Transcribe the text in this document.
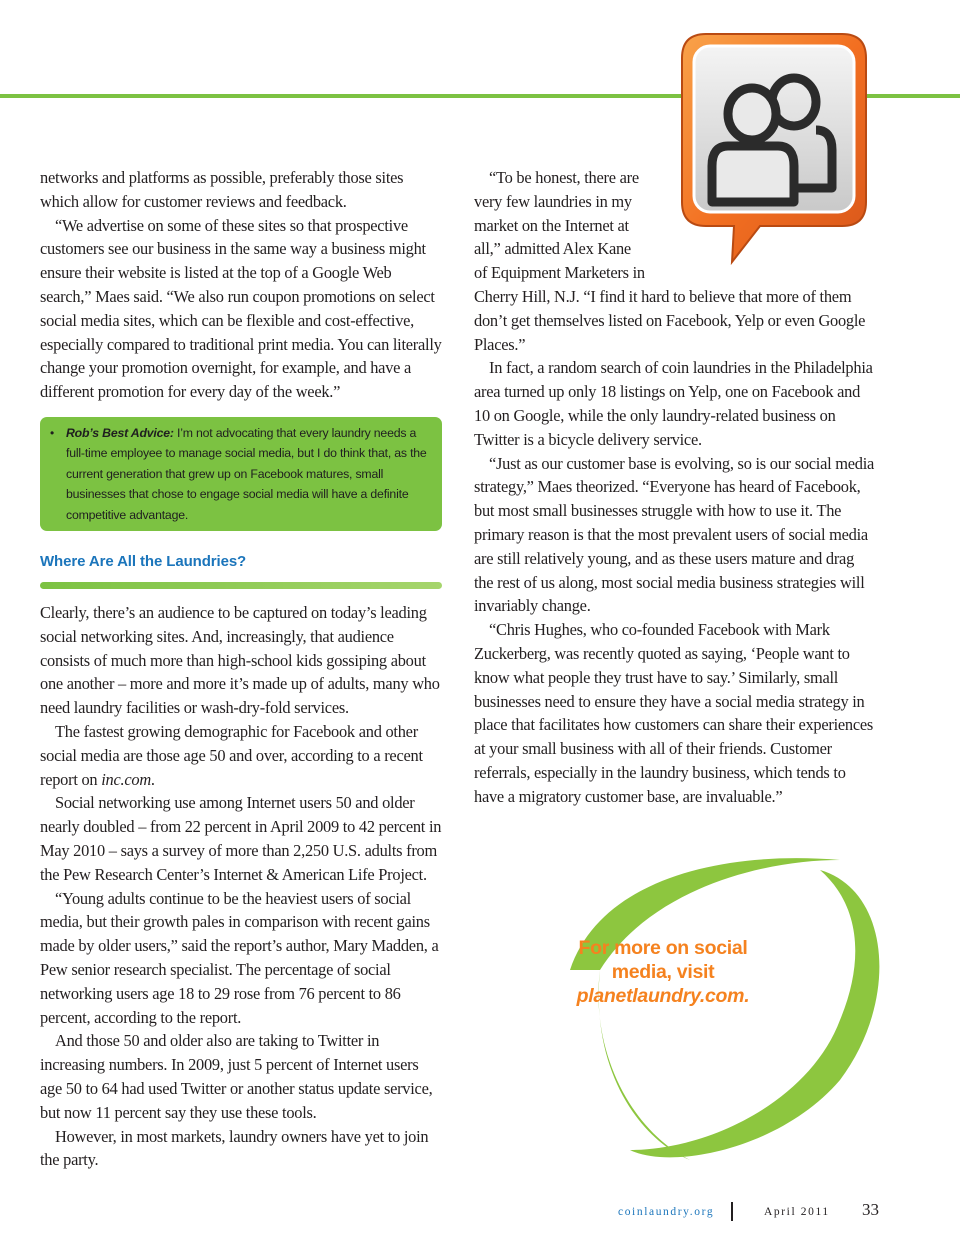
networks and platforms as possible, preferably those sites which allow for customer reviews and feedback.

“We advertise on some of these sites so that prospective customers see our business in the same way a business might ensure their website is listed at the top of a Google Web search,” Maes said. “We also run coupon promotions on select social media sites, which can be flexible and cost-effective, especially compared to traditional print media. You can literally change your promotion overnight, for example, and have a different promotion for every day of the week.”

• Rob’s Best Advice: I’m not advocating that every laundry needs a full-time employee to manage social media, but I do think that, as the current generation that grew up on Facebook matures, small businesses that chose to engage social media will have a definite competitive advantage.

Where Are All the Laundries?

Clearly, there’s an audience to be captured on today’s leading social networking sites. And, increasingly, that audience consists of much more than high-school kids gossiping about one another – more and more it’s made up of adults, many who need laundry facilities or wash-dry-fold services.

The fastest growing demographic for Facebook and other social media are those age 50 and over, according to a recent report on inc.com.

Social networking use among Internet users 50 and older nearly doubled – from 22 percent in April 2009 to 42 percent in May 2010 – says a survey of more than 2,250 U.S. adults from the Pew Research Center’s Internet & American Life Project.

“Young adults continue to be the heaviest users of social media, but their growth pales in comparison with recent gains made by older users,” said the report’s author, Mary Madden, a Pew senior research specialist. The percentage of social networking users age 18 to 29 rose from 76 percent to 86 percent, according to the report.

And those 50 and older also are taking to Twitter in increasing numbers. In 2009, just 5 percent of Internet users age 50 to 64 had used Twitter or another status update service, but now 11 percent say they use these tools.

However, in most markets, laundry owners have yet to join the party.

“To be honest, there are very few laundries in my market on the Internet at all,” admitted Alex Kane of Equipment Marketers in Cherry Hill, N.J. “I find it hard to believe that more of them don’t get themselves listed on Facebook, Yelp or even Google Places.”

In fact, a random search of coin laundries in the Philadelphia area turned up only 18 listings on Yelp, one on Facebook and 10 on Google, while the only laundry-related business on Twitter is a bicycle delivery service.

“Just as our customer base is evolving, so is our social media strategy,” Maes theorized. “Everyone has heard of Facebook, but most small businesses struggle with how to use it. The primary reason is that the most prevalent users of social media are still relatively young, and as these users mature and drag the rest of us along, most social media business strategies will invariably change.

“Chris Hughes, who co-founded Facebook with Mark Zuckerberg, was recently quoted as saying, ‘People want to know what people they trust have to say.’ Similarly, small businesses need to ensure they have a social media strategy in place that facilitates how customers can share their experiences at your small business with all of their friends. Customer referrals, especially in the laundry business, which tends to have a migratory customer base, are invaluable.”

For more on social
media, visit
planetlaundry.com.
coinlaundry.org	April 2011 33
